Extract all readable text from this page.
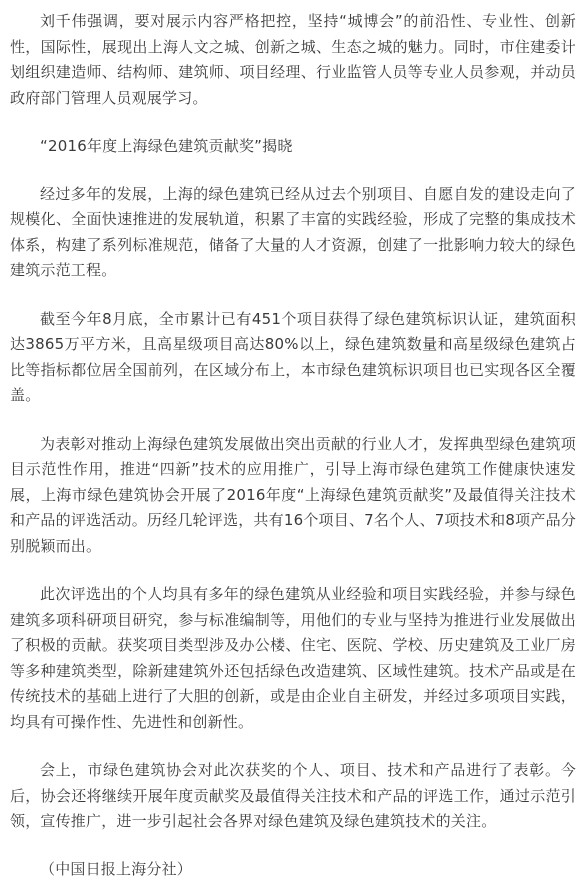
刘千伟强调，要对展示内容严格把控，坚持“城博会”的前沿性、专业性、创新性，国际性，展现出上海人文之城、创新之城、生态之城的魅力。同时，市住建委计划组织建造师、结构师、建筑师、项目经理、行业监管人员等专业人员参观，并动员政府部门管理人员观展学习。

“2016年度上海绿色建筑贡献奖”揭晓

经过多年的发展，上海的绿色建筑已经从过去个别项目、自愿自发的建设走向了规模化、全面快速推进的发展轨道，积累了丰富的实践经验，形成了完整的集成技术体系，构建了系列标准规范，储备了大量的人才资源，创建了一批影响力较大的绿色建筑示范工程。

截至今年8月底，全市累计已有451个项目获得了绿色建筑标识认证，建筑面积达3865万平方米，且高星级项目高达80%以上，绿色建筑数量和高星级绿色建筑占比等指标都位居全国前列，在区域分布上，本市绿色建筑标识项目也已实现各区全覆盖。

为表彰对推动上海绿色建筑发展做出突出贡献的行业人才，发挥典型绿色建筑项目示范性作用，推进“四新”技术的应用推广，引导上海市绿色建筑工作健康快速发展，上海市绿色建筑协会开展了2016年度“上海绿色建筑贡献奖”及最值得关注技术和产品的评选活动。历经几轮评选，共有16个项目、7名个人、7项技术和8项产品分别脱颖而出。

此次评选出的个人均具有多年的绿色建筑从业经验和项目实践经验，并参与绿色建筑多项科研项目研究，参与标准编制等，用他们的专业与坚持为推进行业发展做出了积极的贡献。获奖项目类型涉及办公楼、住宅、医院、学校、历史建筑及工业厂房等多种建筑类型，除新建建筑外还包括绿色改造建筑、区域性建筑。技术产品或是在传统技术的基础上进行了大胆的创新，或是由企业自主研发，并经过多项项目实践，均具有可操作性、先进性和创新性。

会上，市绿色建筑协会对此次获奖的个人、项目、技术和产品进行了表彰。今后，协会还将继续开展年度贡献奖及最值得关注技术和产品的评选工作，通过示范引领，宣传推广，进一步引起社会各界对绿色建筑及绿色建筑技术的关注。

（中国日报上海分社）
